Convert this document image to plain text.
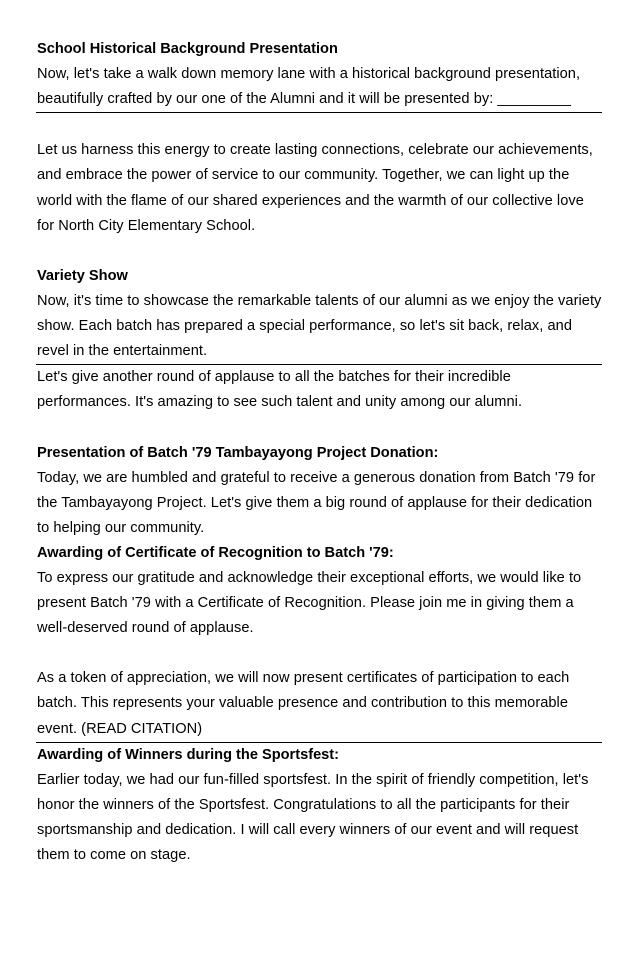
School Historical Background Presentation

Now, let's take a walk down memory lane with a historical background presentation, beautifully crafted by our one of the Alumni and it will be presented by: _________

Let us harness this energy to create lasting connections, celebrate our achievements, and embrace the power of service to our community. Together, we can light up the world with the flame of our shared experiences and the warmth of our collective love for North City Elementary School.

Variety Show

Now, it's time to showcase the remarkable talents of our alumni as we enjoy the variety show. Each batch has prepared a special performance, so let's sit back, relax, and revel in the entertainment.

Let's give another round of applause to all the batches for their incredible performances. It's amazing to see such talent and unity among our alumni.

Presentation of Batch '79 Tambayayong Project Donation:

Today, we are humbled and grateful to receive a generous donation from Batch '79 for the Tambayayong Project. Let's give them a big round of applause for their dedication to helping our community.

Awarding of Certificate of Recognition to Batch '79:

To express our gratitude and acknowledge their exceptional efforts, we would like to present Batch '79 with a Certificate of Recognition. Please join me in giving them a well-deserved round of applause.

As a token of appreciation, we will now present certificates of participation to each batch. This represents your valuable presence and contribution to this memorable event. (READ CITATION)

Awarding of Winners during the Sportsfest:

Earlier today, we had our fun-filled sportsfest. In the spirit of friendly competition, let's honor the winners of the Sportsfest. Congratulations to all the participants for their sportsmanship and dedication. I will call every winners of our event and will request them to come on stage.
